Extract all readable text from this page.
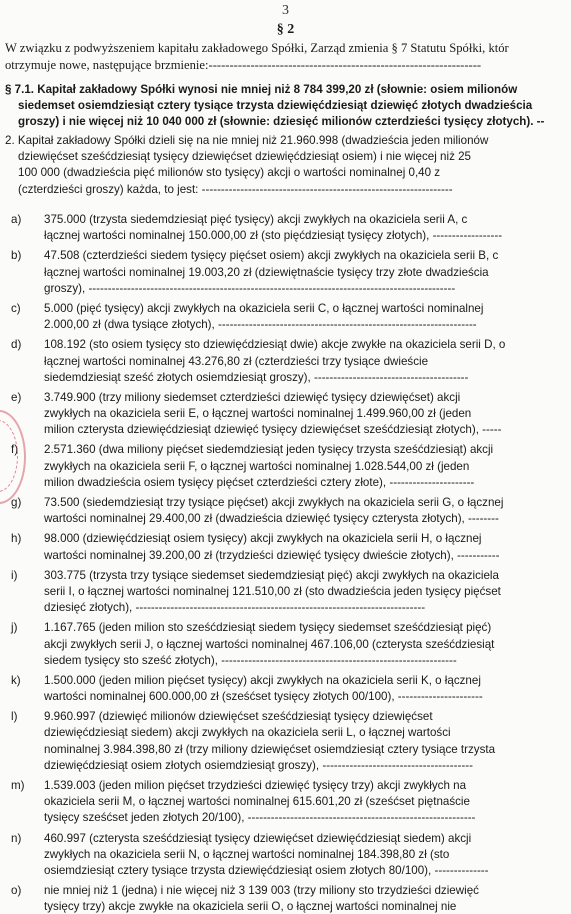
3
§ 2
W związku z podwyższeniem kapitału zakładowego Spółki, Zarząd zmienia § 7 Statutu Spółki, któr
otrzymuje nowe, następujące brzmienie:-----------------------------------------------------------------
§ 7.1. Kapitał zakładowy Spółki wynosi nie mniej niż 8 784 399,20 zł (słownie: osiem milionów
siedemset osiemdziesiąt cztery tysiące trzysta dziewięćdziesiąt dziewięć złotych dwadzieścia
groszy) i nie więcej niż 10 040 000 zł (słownie: dziesięć milionów czterdzieści tysięcy złotych). --
2. Kapitał zakładowy Spółki dzieli się na nie mniej niż 21.960.998 (dwadzieścia jeden milionów
dziewięćset sześćdziesiąt tysięcy dziewięćset dziewięćdziesiąt osiem) i nie więcej niż 25
100 000 (dwadzieścia pięć milionów sto tysięcy) akcji o wartości nominalnej 0,40 z
(czterdzieści groszy) każda, to jest: -----------------------------------------------------------------
a)	375.000 (trzysta siedemdziesiąt pięć tysięcy) akcji zwykłych na okaziciela serii A, c
łącznej wartości nominalnej 150.000,00 zł (sto pięćdziesiąt tysięcy złotych), ------------------
b)	47.508 (czterdzieści siedem tysięcy pięćset osiem) akcji zwykłych na okaziciela serii B, c
łącznej wartości nominalnej 19.003,20 zł (dziewiętnaście tysięcy trzy złote dwadzieścia
groszy), -----------------------------------------------------------------------------------------------
c)	5.000 (pięć tysięcy) akcji zwykłych na okaziciela serii C, o łącznej wartości nominalnej
2.000,00 zł (dwa tysiące złotych), -------------------------------------------------------------------
d)	108.192 (sto osiem tysięcy sto dziewięćdziesiąt dwie) akcje zwykłe na okaziciela serii D, o
łącznej wartości nominalnej 43.276,80 zł (czterdzieści trzy tysiące dwieście
siedemdziesiąt sześć złotych osiemdziesiąt groszy), ----------------------------------------
e)	3.749.900 (trzy miliony siedemset czterdzieści dziewięć tysięcy dziewięćset) akcji
zwykłych na okaziciela serii E, o łącznej wartości nominalnej 1.499.960,00 zł (jeden
milion czterysta dziewięćdziesiąt dziewięć tysięcy dziewięćset sześćdziesiąt złotych), -----
f)	2.571.360 (dwa miliony pięćset siedemdziesiąt jeden tysięcy trzysta sześćdziesiąt) akcji
zwykłych na okaziciela serii F, o łącznej wartości nominalnej 1.028.544,00 zł (jeden
milion dwadzieścia osiem tysięcy pięćset czterdzieści cztery złote), ----------------------
g)	73.500 (siedemdziesiąt trzy tysiące pięćset) akcji zwykłych na okaziciela serii G, o łącznej
wartości nominalnej 29.400,00 zł (dwadzieścia dziewięć tysięcy czterysta złotych), --------
h)	98.000 (dziewięćdziesiąt osiem tysięcy) akcji zwykłych na okaziciela serii H, o łącznej
wartości nominalnej 39.200,00 zł (trzydzieści dziewięć tysięcy dwieście złotych), -----------
i)	303.775 (trzysta trzy tysiące siedemset siedemdziesiąt pięć) akcji zwykłych na okaziciela
serii I, o łącznej wartości nominalnej 121.510,00 zł (sto dwadzieścia jeden tysięcy pięćset
dziesięć złotych), ---------------------------------------------------------------------------
j)	1.167.765 (jeden milion sto sześćdziesiąt siedem tysięcy siedemset sześćdziesiąt pięć)
akcji zwykłych serii J, o łącznej wartości nominalnej 467.106,00 (czterysta sześćdziesiąt
siedem tysięcy sto sześć złotych), -------------------------------------------------------------
k)	1.500.000 (jeden milion pięćset tysięcy) akcji zwykłych na okaziciela serii K, o łącznej
wartości nominalnej 600.000,00 zł (sześćset tysięcy złotych 00/100), ----------------------
l)	9.960.997 (dziewięć milionów dziewięćset sześćdziesiąt tysięcy dziewięćset
dziewięćdziesiąt siedem) akcji zwykłych na okaziciela serii L, o łącznej wartości
nominalnej 3.984.398,80 zł (trzy miliony dziewięćset osiemdziesiąt cztery tysiące trzysta
dziewięćdziesiąt osiem złotych osiemdziesiąt groszy), ---------------------------------------
m)	1.539.003 (jeden milion pięćset trzydzieści dziewięć tysięcy trzy) akcji zwykłych na
okaziciela serii M, o łącznej wartości nominalnej 615.601,20 zł (sześćset piętnaście
tysięcy sześćset jeden złotych 20/100), -----------------------------------------------------------
n)	460.997 (czterysta sześćdziesiąt tysięcy dziewięćset dziewięćdziesiąt siedem) akcji
zwykłych na okaziciela serii N, o łącznej wartości nominalnej 184.398,80 zł (sto
osiemdziesiąt cztery tysiące trzysta dziewięćdziesiąt osiem złotych 80/100), --------------
o)	nie mniej niż 1 (jedna) i nie więcej niż 3 139 003 (trzy miliony sto trzydzieści dziewięć
tysięcy trzy) akcje zwykłe na okaziciela serii O, o łącznej wartości nominalnej nie
